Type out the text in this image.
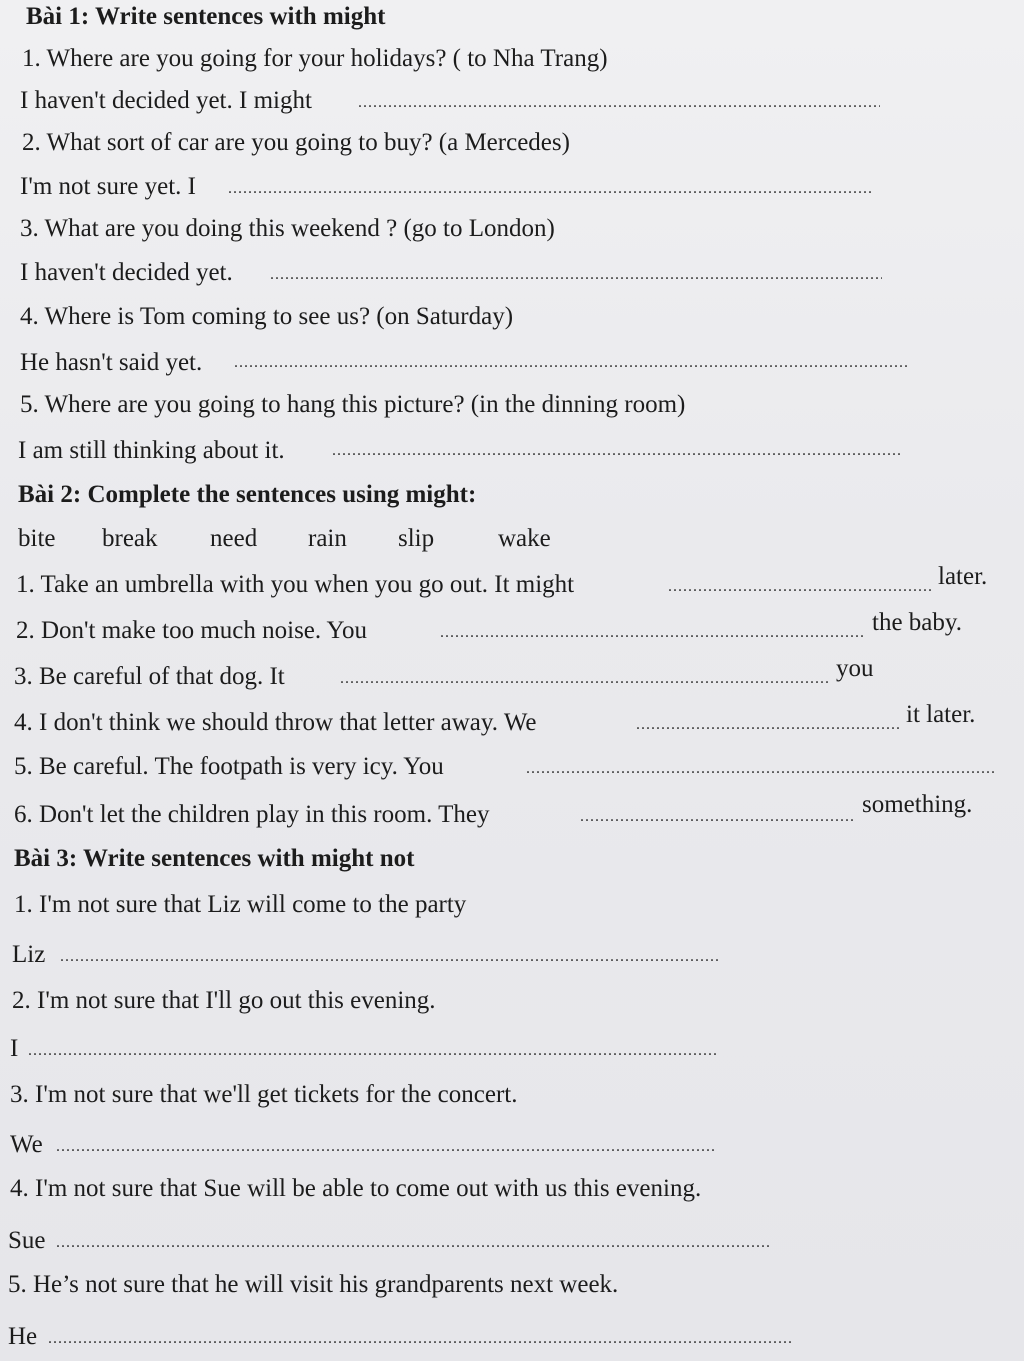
Bài 1: Write sentences with might
1. Where are you going for your holidays? ( to Nha Trang)
I haven't decided yet. I might
.....
2. What sort of car are you going to buy? (a Mercedes)
I'm not sure yet. I
.....
3. What are you doing this weekend ? (go to London)
I haven't decided yet.
.....
4. Where is Tom coming to see us? (on Saturday)
He hasn't said yet.
.....
5. Where are you going to hang this picture? (in the dinning room)
I am still thinking about it.
.....
Bài 2: Complete the sentences using might:
bite break need rain slip	wake
1. Take an umbrella with you when you go out. It might .....	later.
2. Don't make too much noise. You .....	the baby.
3. Be careful of that dog. It .....	you
4. I don't think we should throw that letter away. We .....	it later.
5. Be careful. The footpath is very icy. You
.....
6. Don't let the children play in this room. They .....	something.
Bài 3: Write sentences with might not
1. I'm not sure that Liz will come to the party
Liz
.....
2. I'm not sure that I'll go out this evening.
I
.....
3. I'm not sure that we'll get tickets for the concert.
We
.....
4. I'm not sure that Sue will be able to come out with us this evening.
Sue
.....
5. He’s not sure that he will visit his grandparents next week.
He
.....
